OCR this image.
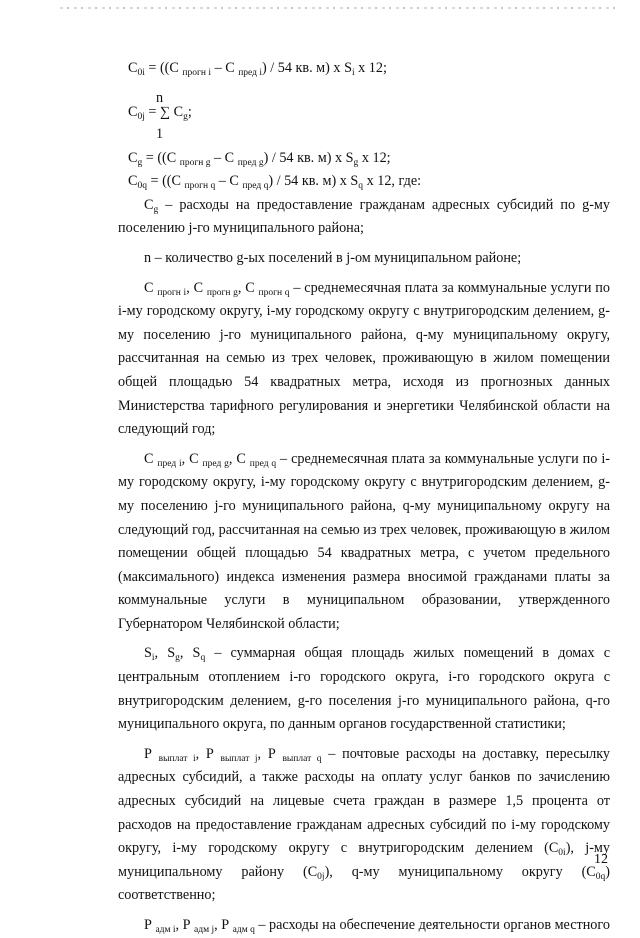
$С_{0i} = ((С$ $_{прогн i}$ – С $_{пред i}$) / 54 кв. м) х $S_i$ х 12;
n
$С_{0j}$ = ∑ $С_g$;
1
$С_g = ((С$ $_{прогн g}$ – С $_{пред g}$) / 54 кв. м) х $S_g$ х 12;
$С_{0q} = ((С$ $_{прогн q}$ – С $_{пред q}$) / 54 кв. м) х $S_q$ х 12, где:

$С_g$ – расходы на предоставление гражданам адресных субсидий по g-му поселению j-го муниципального района;

n – количество g-ых поселений в j-ом муниципальном районе;

С $_{прогн i}$, С $_{прогн g}$, С $_{прогн q}$ – среднемесячная плата за коммунальные услуги по i-му городскому округу, i-му городскому округу с внутригородским делением, g-му поселению j-го муниципального района, q-му муниципальному округу, рассчитанная на семью из трех человек, проживающую в жилом помещении общей площадью 54 квадратных метра, исходя из прогнозных данных Министерства тарифного регулирования и энергетики Челябинской области на следующий год;

С $_{пред i}$, С $_{пред g}$, С $_{пред q}$ – среднемесячная плата за коммунальные услуги по i-му городскому округу, i-му городскому округу с внутригородским делением, g-му поселению j-го муниципального района, q-му муниципальному округу на следующий год, рассчитанная на семью из трех человек, проживающую в жилом помещении общей площадью 54 квадратных метра, с учетом предельного (максимального) индекса изменения размера вносимой гражданами платы за коммунальные услуги в муниципальном образовании, утвержденного Губернатором Челябинской области;

$S_i$, $S_g$, $S_q$ – суммарная общая площадь жилых помещений в домах с центральным отоплением i-го городского округа, i-го городского округа с внутригородским делением, g-го поселения j-го муниципального района, q-го муниципального округа, по данным органов государственной статистики;

Р $_{выплат i}$, Р $_{выплат j}$, Р $_{выплат q}$ – почтовые расходы на доставку, пересылку адресных субсидий, а также расходы на оплату услуг банков по зачислению адресных субсидий на лицевые счета граждан в размере 1,5 процента от расходов на предоставление гражданам адресных субсидий по i-му городскому округу, i-му городскому округу с внутригородским делением $(С_{0i})$, j-му муниципальному району $(С_{0j})$, q-му муниципальному округу $(С_{0q})$ соответственно;

Р $_{адм i}$, Р $_{адм j}$, Р $_{адм q}$ – расходы на обеспечение деятельности органов местного

12
